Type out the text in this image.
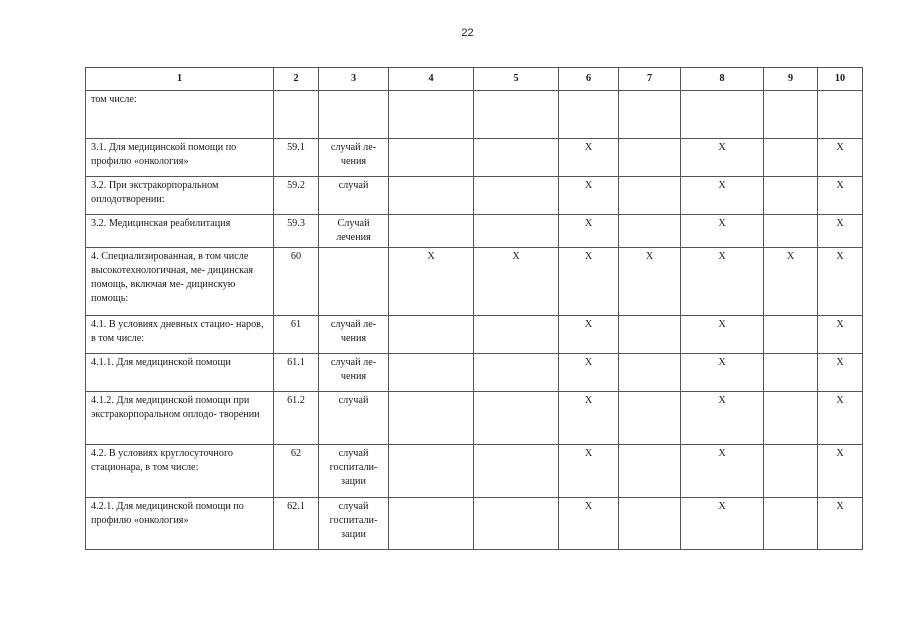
22
1	2	3	4	5	6	7	8	9	10
том числе:									
3.1. Для медицинской помощи по профилю «онкология»	59.1	случай ле- чения			X		X		X
3.2. При экстракорпоральном оплодотворении:	59.2	случай			X		X		X
3.2. Медицинская реабилитация	59.3	Случай лечения			X		X		X
4. Специализированная, в том числе высокотехнологичная, ме- дицинская помощь, включая ме- дицинскую помощь:	60		X	X	X	X	X	X	X
4.1. В условиях дневных стацио- наров, в том числе:	61	случай ле- чения			X		X		X
4.1.1. Для медицинской помощи	61.1	случай ле- чения			X		X		X
4.1.2. Для медицинской помощи при экстракорпоральном оплодо- творении	61.2	случай			X		X		X
4.2. В условиях круглосуточного стационара, в том числе:	62	случай госпитали- зации			X		X		X
4.2.1. Для медицинской помощи по профилю «онкология»	62.1	случай госпитали- зации			X		X		X
